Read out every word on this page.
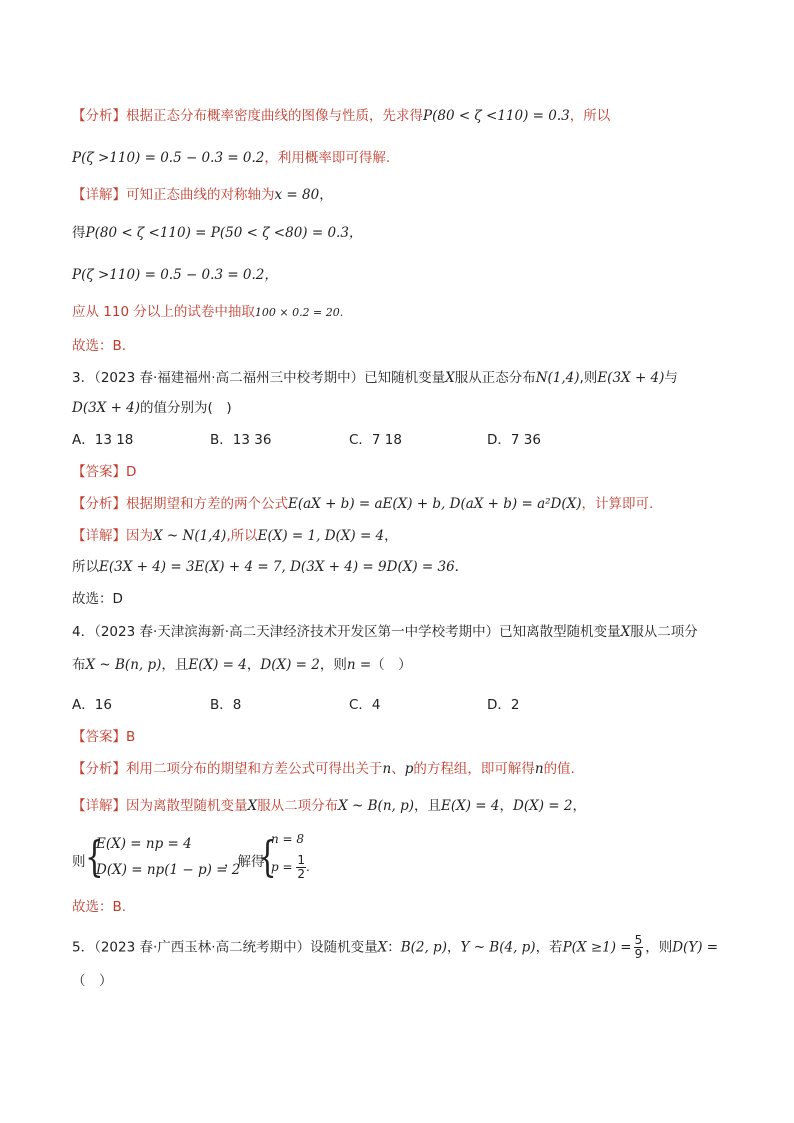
【分析】根据正态分布概率密度曲线的图像与性质，先求得P(80 < ζ <110) = 0.3，所以
P(ζ >110) = 0.5 − 0.3 = 0.2，利用概率即可得解.
【详解】可知正态曲线的对称轴为x = 80，
得P(80 < ζ <110) = P(50 < ζ <80) = 0.3，
P(ζ >110) = 0.5 − 0.3 = 0.2，
应从 110 分以上的试卷中抽取100 × 0.2 = 20.
故选：B.
3．（2023 春·福建福州·高二福州三中校考期中）已知随机变量X服从正态分布N(1,4),则E(3X + 4)与
D(3X + 4)的值分别为(　)
A．13 18	B．13 36	C．7 18	D．7 36
【答案】D
【分析】根据期望和方差的两个公式E(aX + b) = aE(X) + b, D(aX + b) = a²D(X)，计算即可.
【详解】因为X ~ N(1,4),所以E(X) = 1, D(X) = 4，
所以E(3X + 4) = 3E(X) + 4 = 7, D(3X + 4) = 9D(X) = 36.
故选：D
4．（2023 春·天津滨海新·高二天津经济技术开发区第一中学校考期中）已知离散型随机变量X服从二项分
布X ~ B(n, p)，且E(X) = 4，D(X) = 2，则n =（　）
A．16	B．8	C．4	D．2
【答案】B
【分析】利用二项分布的期望和方差公式可得出关于n、p的方程组，即可解得n的值.
【详解】因为离散型随机变量X服从二项分布X ~ B(n, p)，且E(X) = 4，D(X) = 2，
则 {
E(X) = np = 4
D(X) = np(1 − p) = 2
，解得
{
n = 8
$p = \frac{1}{2}$ .
故选：B.
5．（2023 春·广西玉林·高二统考期中）设随机变量X：B(2, p)，Y ~ B(4, p)，若$P(X \ge 1) = \frac{5}{9}$ ，则D(Y) =
（　）
